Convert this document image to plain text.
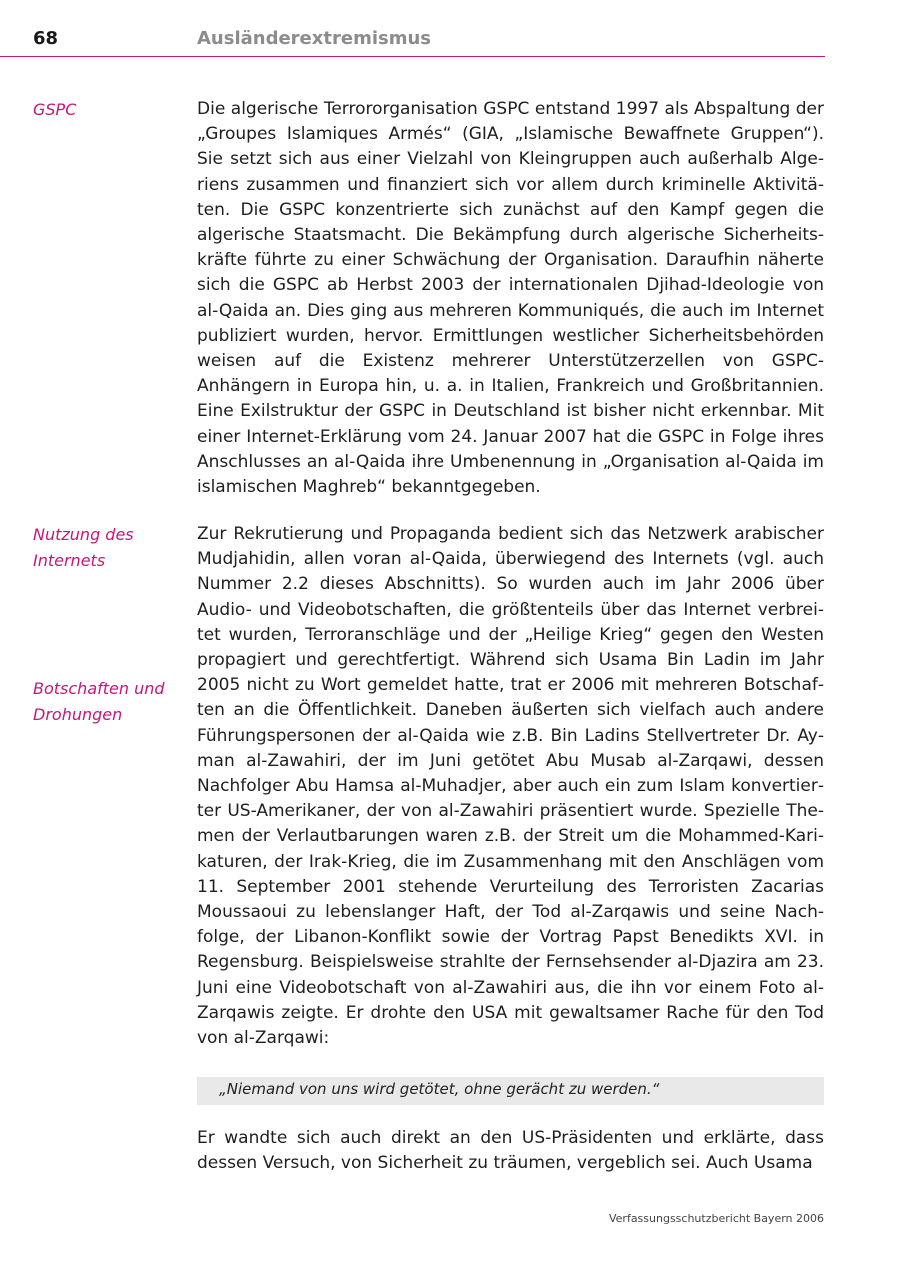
68	Ausländerextremismus

GSPC	Die algerische Terrororganisation GSPC entstand 1997 als Abspaltung der „Groupes Islamiques Armés“ (GIA, „Islamische Bewaffnete Gruppen“). Sie setzt sich aus einer Vielzahl von Kleingruppen auch außerhalb Algeriens zusammen und finanziert sich vor allem durch kriminelle Aktivitäten. Die GSPC konzentrierte sich zunächst auf den Kampf gegen die algerische Staatsmacht. Die Bekämpfung durch algerische Sicherheitskräfte führte zu einer Schwächung der Organisation. Daraufhin näherte sich die GSPC ab Herbst 2003 der internationalen Djihad-Ideologie von al-Qaida an. Dies ging aus mehreren Kommuniqués, die auch im Internet publiziert wurden, hervor. Ermittlungen westlicher Sicherheitsbehörden weisen auf die Existenz mehrerer Unterstützerzellen von GSPC-Anhängern in Europa hin, u. a. in Italien, Frankreich und Großbritannien. Eine Exilstruktur der GSPC in Deutschland ist bisher nicht erkennbar. Mit einer Internet-Erklärung vom 24. Januar 2007 hat die GSPC in Folge ihres Anschlusses an al-Qaida ihre Umbenennung in „Organisation al-Qaida im islamischen Maghreb“ bekanntgegeben.

Nutzung des Internets

Zur Rekrutierung und Propaganda bedient sich das Netzwerk arabischer Mudjahidin, allen voran al-Qaida, überwiegend des Internets (vgl. auch Nummer 2.2 dieses Abschnitts). So wurden auch im Jahr 2006 über Audio- und Videobotschaften, die größtenteils über das Internet verbreitet wurden, Terroranschläge und der „Heilige Krieg“ gegen den Westen propagiert und gerechtfertigt. Während sich Usama Bin Ladin im Jahr 2005 nicht zu Wort gemeldet hatte, trat er 2006 mit mehreren Botschaften an die Öffentlichkeit. Daneben äußerten sich vielfach auch andere Führungspersonen der al-Qaida wie z.B. Bin Ladins Stellvertreter Dr. Ayman al-Zawahiri, der im Juni getötet Abu Musab al-Zarqawi, dessen Nachfolger Abu Hamsa al-Muhadjer, aber auch ein zum Islam konvertierter US-Amerikaner, der von al-Zawahiri präsentiert wurde. Spezielle Themen der Verlautbarungen waren z.B. der Streit um die Mohammed-Karikaturen, der Irak-Krieg, die im Zusammenhang mit den Anschlägen vom 11. September 2001 stehende Verurteilung des Terroristen Zacarias Moussaoui zu lebenslanger Haft, der Tod al-Zarqawis und seine Nachfolge, der Libanon-Konflikt sowie der Vortrag Papst Benedikts XVI. in Regensburg. Beispielsweise strahlte der Fernsehsender al-Djazira am 23. Juni eine Videobotschaft von al-Zawahiri aus, die ihn vor einem Foto al-Zarqawis zeigte. Er drohte den USA mit gewaltsamer Rache für den Tod von al-Zarqawi:

Botschaften und Drohungen

„Niemand von uns wird getötet, ohne gerächt zu werden.“

Er wandte sich auch direkt an den US-Präsidenten und erklärte, dass dessen Versuch, von Sicherheit zu träumen, vergeblich sei. Auch Usama

Verfassungsschutzbericht Bayern 2006
